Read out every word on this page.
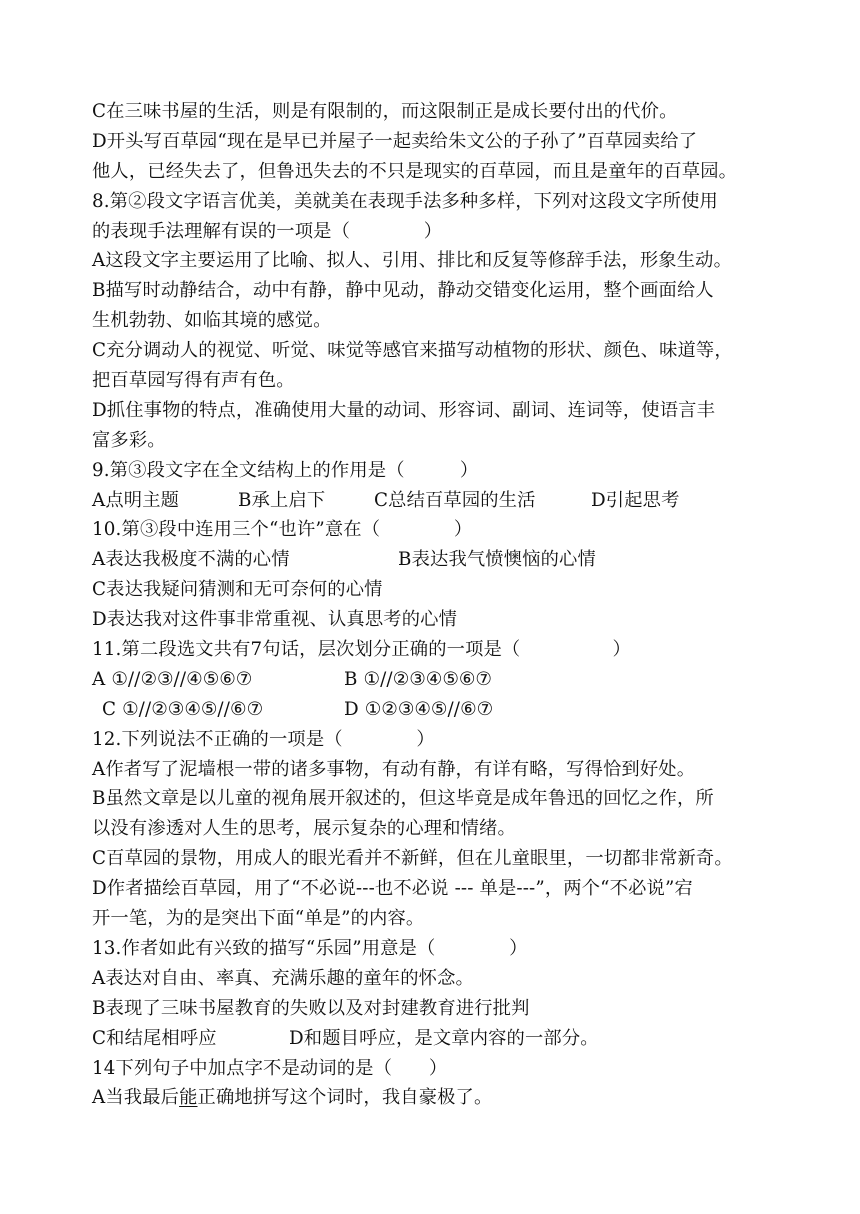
C在三味书屋的生活，则是有限制的，而这限制正是成长要付出的代价。
D开头写百草园“现在是早已并屋子一起卖给朱文公的子孙了”百草园卖给了
他人，已经失去了，但鲁迅失去的不只是现实的百草园，而且是童年的百草园。
8.第②段文字语言优美，美就美在表现手法多种多样，下列对这段文字所使用
的表现手法理解有误的一项是（　　　　）
A这段文字主要运用了比喻、拟人、引用、排比和反复等修辞手法，形象生动。
B描写时动静结合，动中有静，静中见动，静动交错变化运用，整个画面给人
生机勃勃、如临其境的感觉。
C充分调动人的视觉、听觉、味觉等感官来描写动植物的形状、颜色、味道等，
把百草园写得有声有色。
D抓住事物的特点，准确使用大量的动词、形容词、副词、连词等，使语言丰
富多彩。
9.第③段文字在全文结构上的作用是（　　　）
A点明主题	B承上启下	C总结百草园的生活	D引起思考
10.第③段中连用三个“也许”意在（　　　　）
A表达我极度不满的心情	B表达我气愤懊恼的心情
C表达我疑问猜测和无可奈何的心情
D表达我对这件事非常重视、认真思考的心情
11.第二段选文共有7句话，层次划分正确的一项是（　　　　　）
A ①//②③//④⑤⑥⑦	B ①//②③④⑤⑥⑦
C ①//②③④⑤//⑥⑦	D ①②③④⑤//⑥⑦
12.下列说法不正确的一项是（　　　　）
A作者写了泥墙根一带的诸多事物，有动有静，有详有略，写得恰到好处。
B虽然文章是以儿童的视角展开叙述的，但这毕竟是成年鲁迅的回忆之作，所
以没有渗透对人生的思考，展示复杂的心理和情绪。
C百草园的景物，用成人的眼光看并不新鲜，但在儿童眼里，一切都非常新奇。
D作者描绘百草园，用了“不必说---也不必说 --- 单是---”，两个“不必说”宕
开一笔，为的是突出下面“单是”的内容。
13.作者如此有兴致的描写“乐园”用意是（　　　　）
A表达对自由、率真、充满乐趣的童年的怀念。
B表现了三味书屋教育的失败以及对封建教育进行批判
C和结尾相呼应	D和题目呼应，是文章内容的一部分。
14下列句子中加点字不是动词的是（　　）
A当我最后能正确地拼写这个词时，我自豪极了。
